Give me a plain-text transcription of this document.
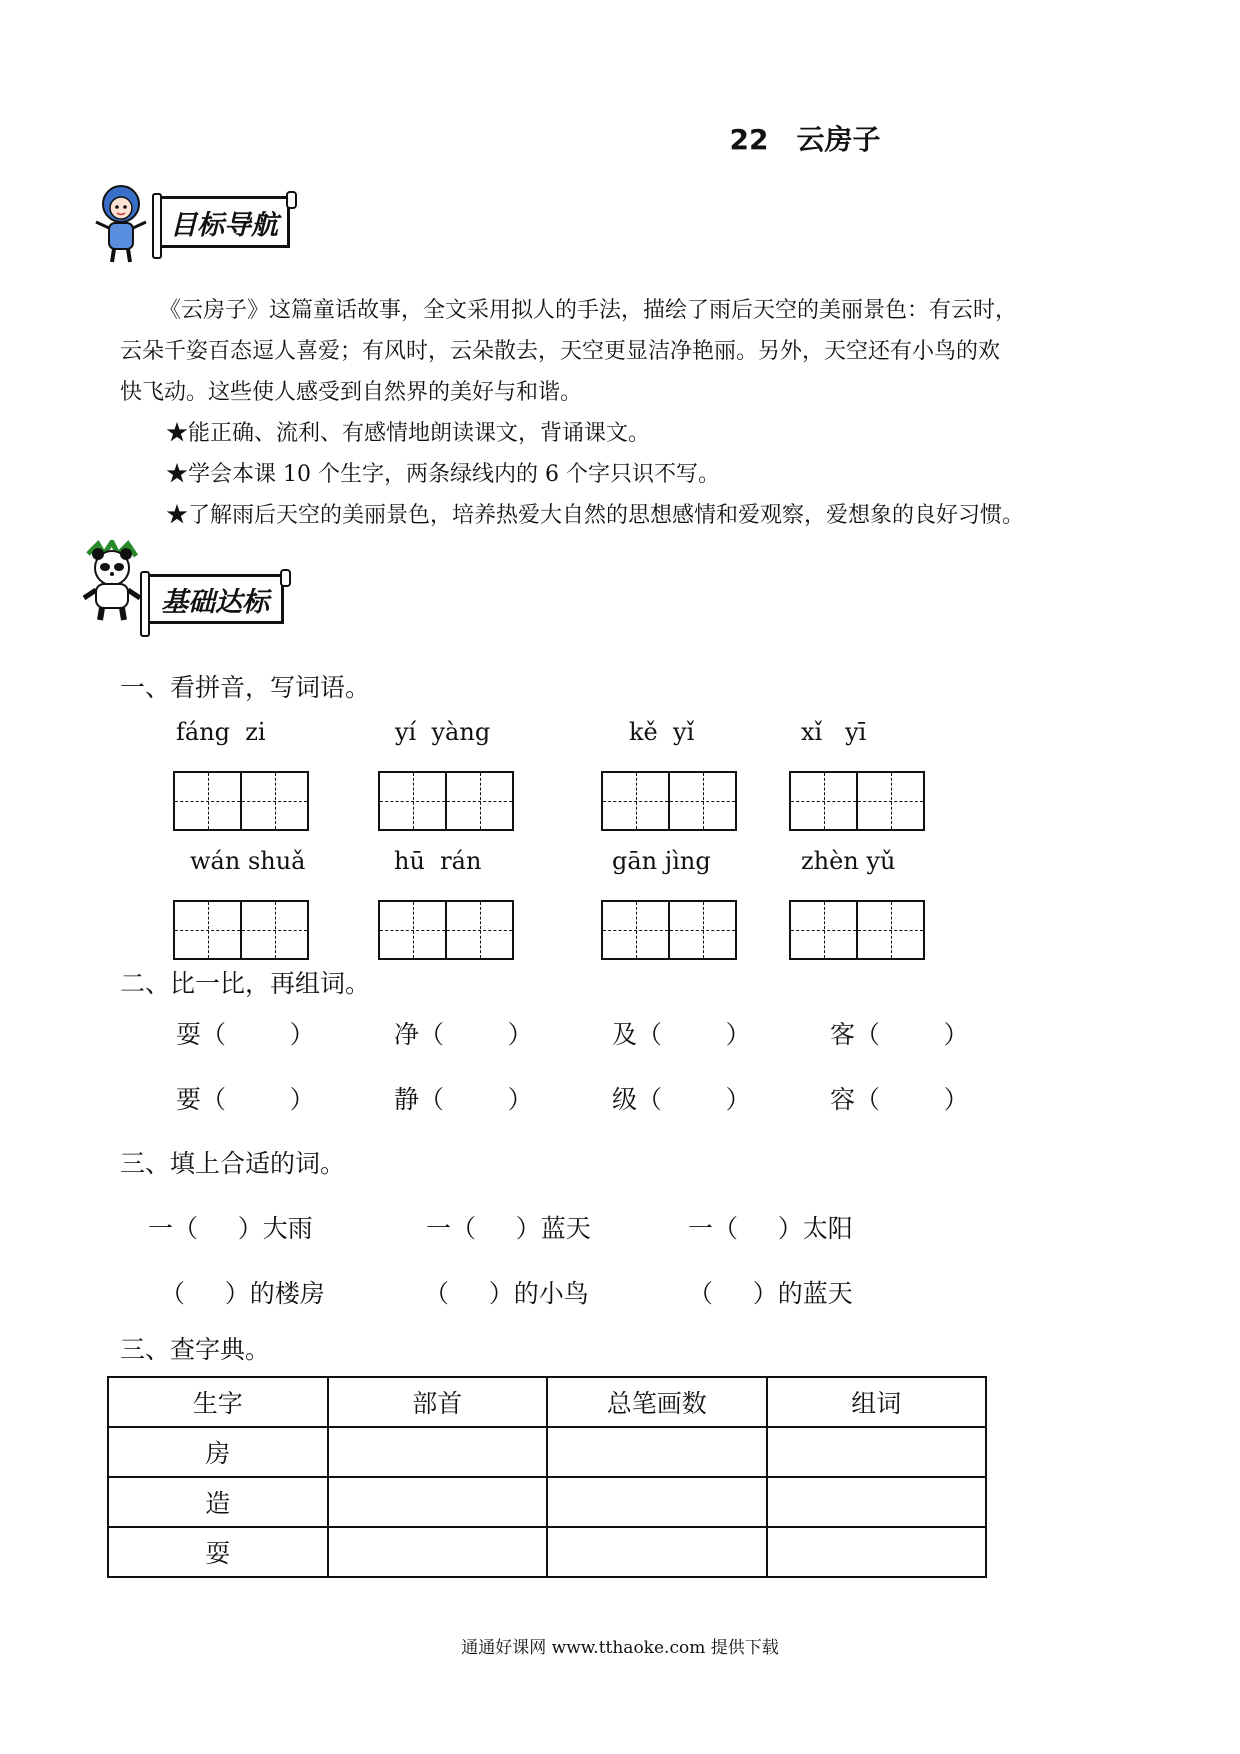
22 云房子
目标导航
《云房子》这篇童话故事，全文采用拟人的手法，描绘了雨后天空的美丽景色：有云时，
云朵千姿百态逗人喜爱；有风时，云朵散去，天空更显洁净艳丽。另外，天空还有小鸟的欢
快飞动。这些使人感受到自然界的美好与和谐。
★能正确、流利、有感情地朗读课文，背诵课文。
★学会本课 10 个生字，两条绿线内的 6 个字只识不写。
★了解雨后天空的美丽景色，培养热爱大自然的思想感情和爱观察，爱想象的良好习惯。
基础达标
一、看拼音，写词语。
fáng  zi	yí  yàng	kě  yǐ	xǐ   yī
wán shuǎ	hū  rán	gān jìng	zhèn yǔ
二、比一比，再组词。
耍（        ）	净（        ）	及（        ）	客（        ）
要（        ）	静（        ）	级（        ）	容（        ）
三、填上合适的词。
一（     ）大雨	一（     ）蓝天	一（     ）太阳
（     ）的楼房	（     ）的小鸟	（     ）的蓝天
三、查字典。
生字	部首	总笔画数	组词
房			
造			
耍			
通通好课网 www.tthaoke.com 提供下载
